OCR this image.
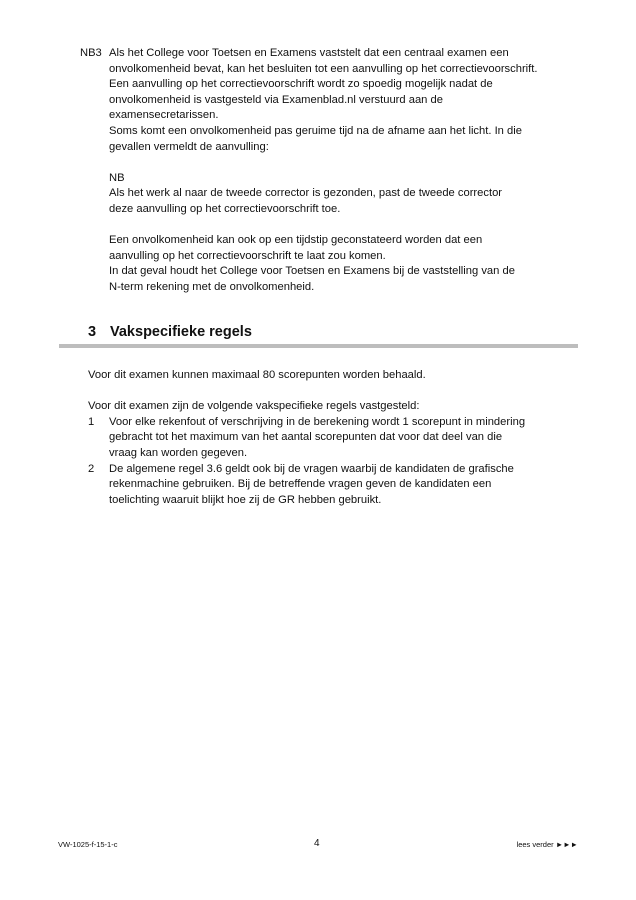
NB3 Als het College voor Toetsen en Examens vaststelt dat een centraal examen een

onvolkomenheid bevat, kan het besluiten tot een aanvulling op het correctievoorschrift.

Een aanvulling op het correctievoorschrift wordt zo spoedig mogelijk nadat de

onvolkomenheid is vastgesteld via Examenblad.nl verstuurd aan de

examensecretarissen.

Soms komt een onvolkomenheid pas geruime tijd na de afname aan het licht. In die

gevallen vermeldt de aanvulling:

NB

Als het werk al naar de tweede corrector is gezonden, past de tweede corrector

deze aanvulling op het correctievoorschrift toe.

Een onvolkomenheid kan ook op een tijdstip geconstateerd worden dat een

aanvulling op het correctievoorschrift te laat zou komen.

In dat geval houdt het College voor Toetsen en Examens bij de vaststelling van de

N-term rekening met de onvolkomenheid.

3 Vakspecifieke regels

Voor dit examen kunnen maximaal 80 scorepunten worden behaald.

Voor dit examen zijn de volgende vakspecifieke regels vastgesteld:

1	Voor elke rekenfout of verschrijving in de berekening wordt 1 scorepunt in mindering

gebracht tot het maximum van het aantal scorepunten dat voor dat deel van die

vraag kan worden gegeven.

2	De algemene regel 3.6 geldt ook bij de vragen waarbij de kandidaten de grafische

rekenmachine gebruiken. Bij de betreffende vragen geven de kandidaten een

toelichting waaruit blijkt hoe zij de GR hebben gebruikt.

VW-1025-f-15-1-c	4	lees verder ►►►
